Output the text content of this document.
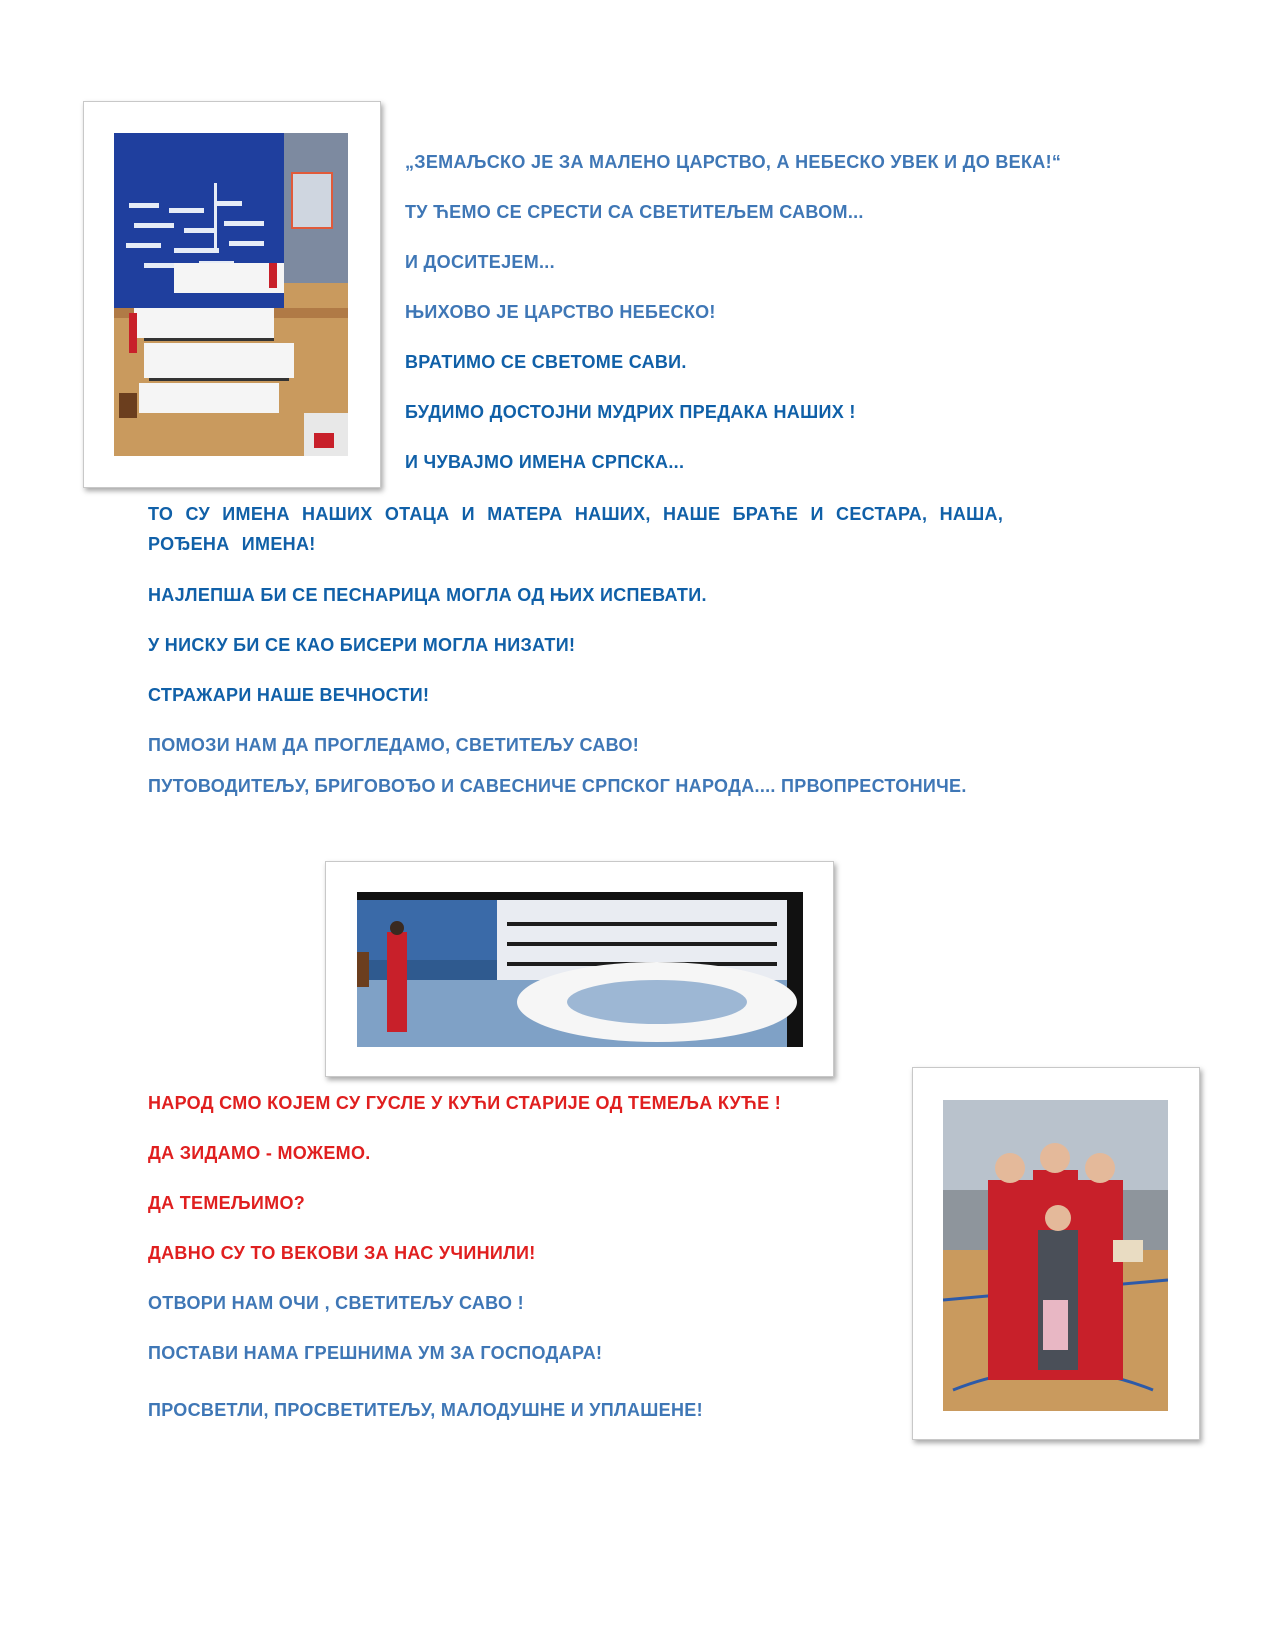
„ЗЕМАЉСКО ЈЕ ЗА МАЛЕНО ЦАРСТВО, А НЕБЕСКО УВЕК И ДО ВЕКА!“

ТУ ЋЕМО СЕ СРЕСТИ СА СВЕТИТЕЉЕМ САВОМ...

И ДОСИТЕЈЕМ...

ЊИХОВО ЈЕ ЦАРСТВО НЕБЕСКО!

ВРАТИМО СЕ СВЕТОМЕ САВИ.

БУДИМО ДОСТОЈНИ МУДРИХ ПРЕДАКА НАШИХ !

И ЧУВАЈМО ИМЕНА СРПСКА...

ТО СУ ИМЕНА НАШИХ ОТАЦА И МАТЕРА НАШИХ, НАШЕ БРАЋЕ И СЕСТАРА, НАША, РОЂЕНА ИМЕНА!

НАЈЛЕПША БИ СЕ ПЕСНАРИЦА МОГЛА ОД ЊИХ ИСПЕВАТИ.

У НИСКУ БИ СЕ КАО БИСЕРИ МОГЛА НИЗАТИ!

СТРАЖАРИ НАШЕ ВЕЧНОСТИ!

ПОМОЗИ НАМ ДА ПРОГЛЕДАМО, СВЕТИТЕЉУ САВО!

ПУТОВОДИТЕЉУ, БРИГОВОЂО И САВЕСНИЧЕ СРПСКОГ НАРОДА.... ПРВОПРЕСТОНИЧЕ.

НАРОД СМО КОЈЕМ СУ ГУСЛЕ У КУЋИ СТАРИЈЕ ОД ТЕМЕЉА КУЋЕ !

ДА ЗИДАМО - МОЖЕМО.

ДА ТЕМЕЉИМО?

ДАВНО СУ ТО ВЕКОВИ ЗА НАС УЧИНИЛИ!

ОТВОРИ НАМ ОЧИ , СВЕТИТЕЉУ САВО !

ПОСТАВИ НАМА ГРЕШНИМА УМ ЗА ГОСПОДАРА!

ПРОСВЕТЛИ, ПРОСВЕТИТЕЉУ, МАЛОДУШНЕ И УПЛАШЕНЕ!
